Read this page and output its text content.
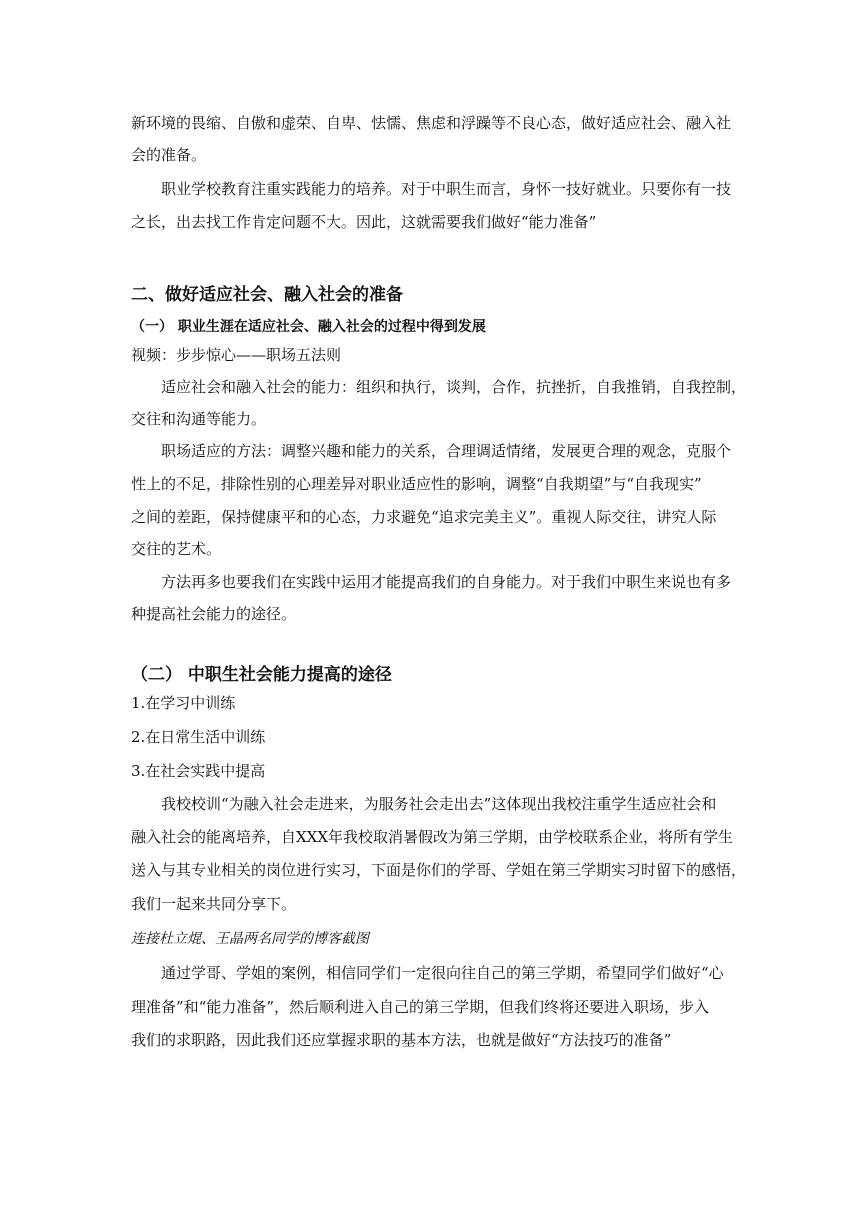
新环境的畏缩、自傲和虚荣、自卑、怯懦、焦虑和浮躁等不良心态，做好适应社会、融入社
会的准备。
职业学校教育注重实践能力的培养。对于中职生而言，身怀一技好就业。只要你有一技
之长，出去找工作肯定问题不大。因此，这就需要我们做好“能力准备”
二、做好适应社会、融入社会的准备
（一） 职业生涯在适应社会、融入社会的过程中得到发展
视频：步步惊心——职场五法则
适应社会和融入社会的能力：组织和执行，谈判，合作，抗挫折，自我推销，自我控制，
交往和沟通等能力。
职场适应的方法：调整兴趣和能力的关系，合理调适情绪，发展更合理的观念，克服个
性上的不足，排除性别的心理差异对职业适应性的影响，调整“自我期望”与“自我现实”
之间的差距，保持健康平和的心态，力求避免“追求完美主义”。重视人际交往，讲究人际
交往的艺术。
方法再多也要我们在实践中运用才能提高我们的自身能力。对于我们中职生来说也有多
种提高社会能力的途径。
（二） 中职生社会能力提高的途径
1.在学习中训练
2.在日常生活中训练
3.在社会实践中提高
我校校训“为融入社会走进来，为服务社会走出去”这体现出我校注重学生适应社会和
融入社会的能离培养，自XXX年我校取消暑假改为第三学期，由学校联系企业，将所有学生
送入与其专业相关的岗位进行实习，下面是你们的学哥、学姐在第三学期实习时留下的感悟，
我们一起来共同分享下。
连接杜立焜、王晶两名同学的博客截图
通过学哥、学姐的案例，相信同学们一定很向往自己的第三学期，希望同学们做好“心
理准备”和“能力准备”，然后顺利进入自己的第三学期，但我们终将还要进入职场，步入
我们的求职路，因此我们还应掌握求职的基本方法，也就是做好“方法技巧的准备”
